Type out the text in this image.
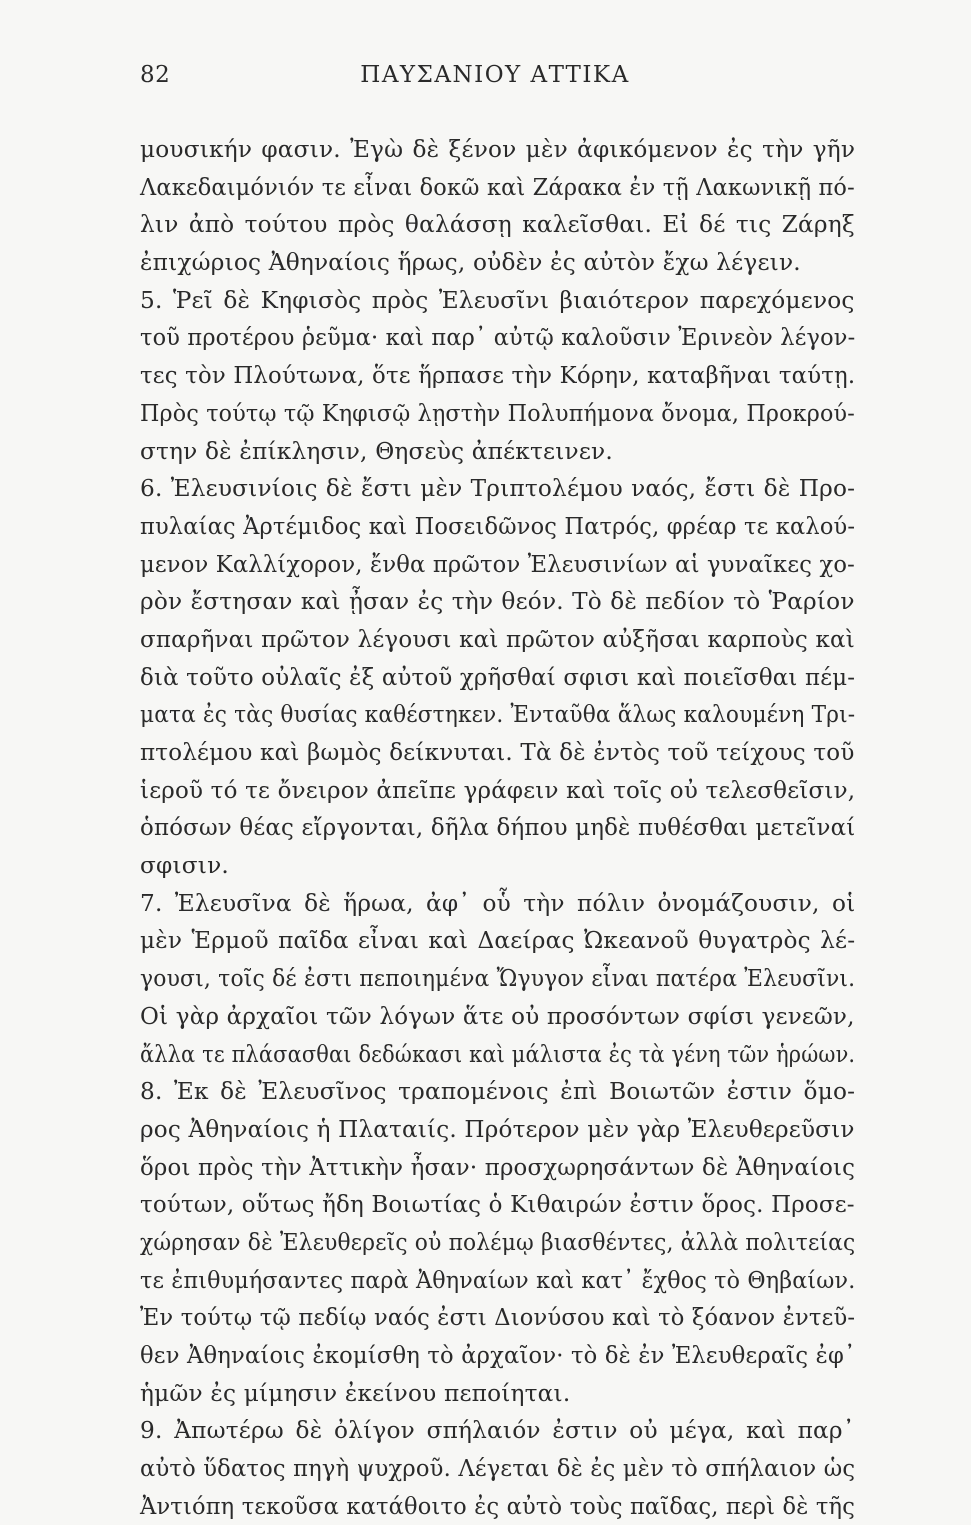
82	ΠΑΥΣΑΝΙΟΥ ΑΤΤΙΚΑ
μουσικήν φασιν. Ἐγὼ δὲ ξένον μὲν ἀφικόμενον ἐς τὴν γῆν
Λακεδαιμόνιόν τε εἶναι δοκῶ καὶ Ζάρακα ἐν τῇ Λακωνικῇ πό-
λιν ἀπὸ τούτου πρὸς θαλάσσῃ καλεῖσθαι. Εἰ δέ τις Ζάρηξ
ἐπιχώριος Ἀθηναίοις ἥρως, οὐδὲν ἐς αὐτὸν ἔχω λέγειν.
5. Ῥεῖ δὲ Κηφισὸς πρὸς Ἐλευσῖνι βιαιότερον παρεχόμενος
τοῦ προτέρου ῥεῦμα· καὶ παρ᾽ αὐτῷ καλοῦσιν Ἐρινεὸν λέγον-
τες τὸν Πλούτωνα, ὅτε ἥρπασε τὴν Κόρην, καταβῆναι ταύτῃ.
Πρὸς τούτῳ τῷ Κηφισῷ λῃστὴν Πολυπήμονα ὄνομα, Προκρού-
στην δὲ ἐπίκλησιν, Θησεὺς ἀπέκτεινεν.
6. Ἐλευσινίοις δὲ ἔστι μὲν Τριπτολέμου ναός, ἔστι δὲ Προ-
πυλαίας Ἀρτέμιδος καὶ Ποσειδῶνος Πατρός, φρέαρ τε καλού-
μενον Καλλίχορον, ἔνθα πρῶτον Ἐλευσινίων αἱ γυναῖκες χο-
ρὸν ἔστησαν καὶ ᾖσαν ἐς τὴν θεόν. Τὸ δὲ πεδίον τὸ Ῥαρίον
σπαρῆναι πρῶτον λέγουσι καὶ πρῶτον αὐξῆσαι καρποὺς καὶ
διὰ τοῦτο οὐλαῖς ἐξ αὐτοῦ χρῆσθαί σφισι καὶ ποιεῖσθαι πέμ-
ματα ἐς τὰς θυσίας καθέστηκεν. Ἐνταῦθα ἅλως καλουμένη Τρι-
πτολέμου καὶ βωμὸς δείκνυται. Τὰ δὲ ἐντὸς τοῦ τείχους τοῦ
ἱεροῦ τό τε ὄνειρον ἀπεῖπε γράφειν καὶ τοῖς οὐ τελεσθεῖσιν,
ὁπόσων θέας εἴργονται, δῆλα δήπου μηδὲ πυθέσθαι μετεῖναί
σφισιν.
7. Ἐλευσῖνα δὲ ἥρωα, ἀφ᾽ οὗ τὴν πόλιν ὀνομάζουσιν, οἱ
μὲν Ἑρμοῦ παῖδα εἶναι καὶ Δαείρας Ὠκεανοῦ θυγατρὸς λέ-
γουσι, τοῖς δέ ἐστι πεποιημένα Ὤγυγον εἶναι πατέρα Ἐλευσῖνι.
Οἱ γὰρ ἀρχαῖοι τῶν λόγων ἅτε οὐ προσόντων σφίσι γενεῶν,
ἄλλα τε πλάσασθαι δεδώκασι καὶ μάλιστα ἐς τὰ γένη τῶν ἡρώων.
8. Ἐκ δὲ Ἐλευσῖνος τραπομένοις ἐπὶ Βοιωτῶν ἐστιν ὅμο-
ρος Ἀθηναίοις ἡ Πλαταιίς. Πρότερον μὲν γὰρ Ἐλευθερεῦσιν
ὅροι πρὸς τὴν Ἀττικὴν ἦσαν· προσχωρησάντων δὲ Ἀθηναίοις
τούτων, οὕτως ἤδη Βοιωτίας ὁ Κιθαιρών ἐστιν ὅρος. Προσε-
χώρησαν δὲ Ἐλευθερεῖς οὐ πολέμῳ βιασθέντες, ἀλλὰ πολιτείας
τε ἐπιθυμήσαντες παρὰ Ἀθηναίων καὶ κατ᾽ ἔχθος τὸ Θηβαίων.
Ἐν τούτῳ τῷ πεδίῳ ναός ἐστι Διονύσου καὶ τὸ ξόανον ἐντεῦ-
θεν Ἀθηναίοις ἐκομίσθη τὸ ἀρχαῖον· τὸ δὲ ἐν Ἐλευθεραῖς ἐφ᾽
ἡμῶν ἐς μίμησιν ἐκείνου πεποίηται.
9. Ἀπωτέρω δὲ ὀλίγον σπήλαιόν ἐστιν οὐ μέγα, καὶ παρ᾽
αὐτὸ ὕδατος πηγὴ ψυχροῦ. Λέγεται δὲ ἐς μὲν τὸ σπήλαιον ὡς
Ἀντιόπη τεκοῦσα κατάθοιτο ἐς αὐτὸ τοὺς παῖδας, περὶ δὲ τῆς
